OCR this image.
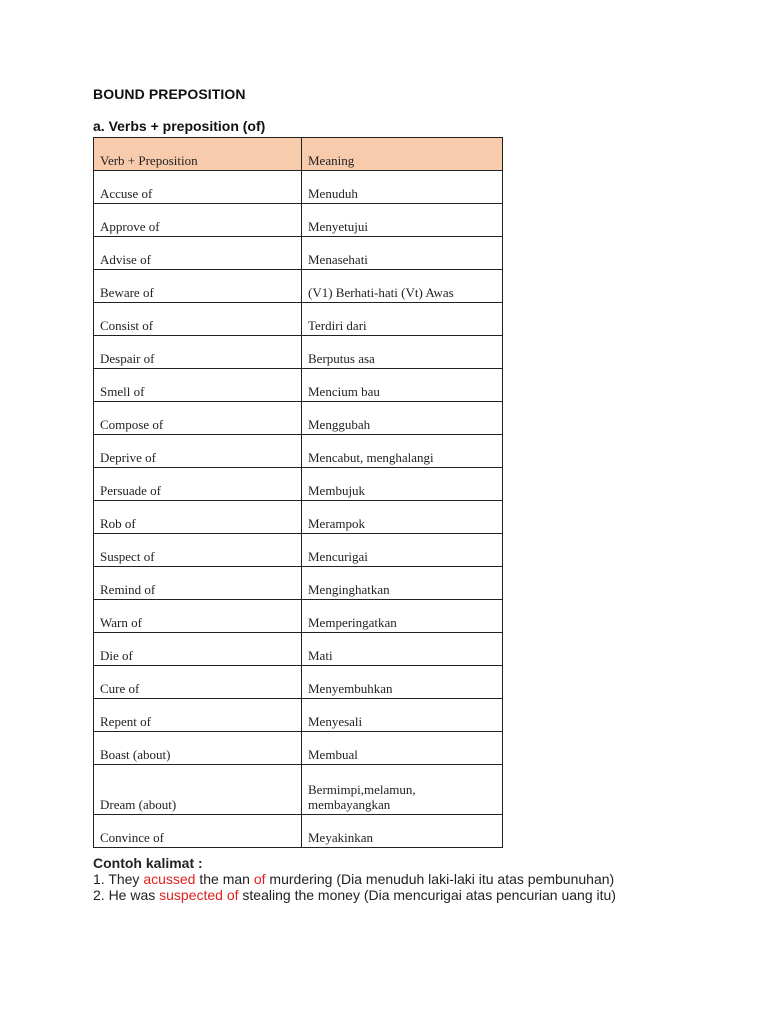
BOUND PREPOSITION
a. Verbs + preposition (of)
Verb + Preposition	Meaning
Accuse of	Menuduh
Approve of	Menyetujui
Advise of	Menasehati
Beware of	(V1) Berhati-hati (Vt) Awas
Consist of	Terdiri dari
Despair of	Berputus asa
Smell of	Mencium bau
Compose of	Menggubah
Deprive of	Mencabut, menghalangi
Persuade of	Membujuk
Rob of	Merampok
Suspect of	Mencurigai
Remind of	Menginghatkan
Warn of	Memperingatkan
Die of	Mati
Cure of	Menyembuhkan
Repent of	Menyesali
Boast (about)	Membual
Dream (about)	Bermimpi,melamun,
membayangkan
Convince of	Meyakinkan
Contoh kalimat :
1. They acussed the man of murdering (Dia menuduh laki-laki itu atas pembunuhan)
2. He was suspected of stealing the money (Dia mencurigai atas pencurian uang itu)
